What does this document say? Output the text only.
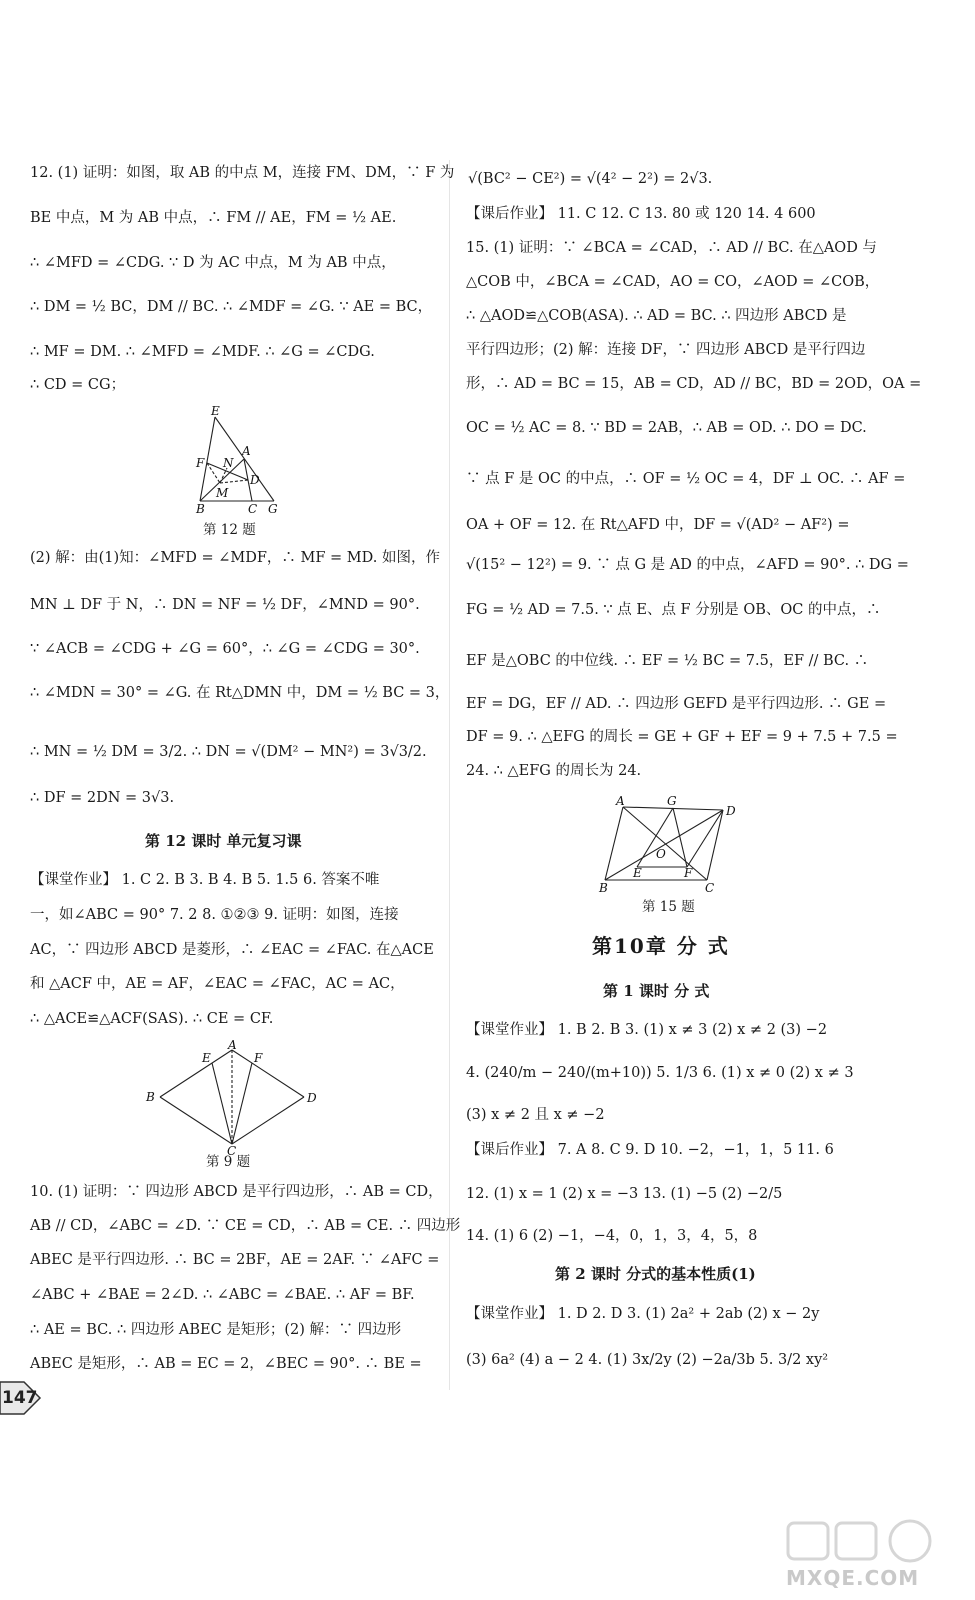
12. (1) 证明：如图，取 AB 的中点 M，连接 FM、DM，∵ F 为
BE 中点，M 为 AB 中点，∴ FM // AE，FM = ½ AE.
∴ ∠MFD = ∠CDG. ∵ D 为 AC 中点，M 为 AB 中点，
∴ DM = ½ BC，DM // BC. ∴ ∠MDF = ∠G. ∵ AE = BC，
∴ MF = DM. ∴ ∠MFD = ∠MDF. ∴ ∠G = ∠CDG.
∴ CD = CG；
E
F N
A
M
D
B	C G
第 12 题
(2) 解：由(1)知：∠MFD = ∠MDF，∴ MF = MD. 如图，作
MN ⊥ DF 于 N，∴ DN = NF = ½ DF，∠MND = 90°.
∵ ∠ACB = ∠CDG + ∠G = 60°，∴ ∠G = ∠CDG = 30°.
∴ ∠MDN = 30° = ∠G. 在 Rt△DMN 中，DM = ½ BC = 3，
∴ MN = ½ DM = 3/2. ∴ DN = √(DM² − MN²) = 3√3/2.
∴ DF = 2DN = 3√3.
第 12 课时 单元复习课
【课堂作业】 1. C 2. B 3. B 4. B 5. 1.5 6. 答案不唯
一，如∠ABC = 90° 7. 2 8. ①②③ 9. 证明：如图，连接
AC，∵ 四边形 ABCD 是菱形，∴ ∠EAC = ∠FAC. 在△ACE
和 △ACF 中，AE = AF，∠EAC = ∠FAC，AC = AC，
∴ △ACE≌△ACF(SAS). ∴ CE = CF.
E
A
F
B	D
C
第 9 题
10. (1) 证明：∵ 四边形 ABCD 是平行四边形，∴ AB = CD，
AB // CD，∠ABC = ∠D. ∵ CE = CD，∴ AB = CE. ∴ 四边形
ABEC 是平行四边形. ∴ BC = 2BF，AE = 2AF. ∵ ∠AFC =
∠ABC + ∠BAE = 2∠D. ∴ ∠ABC = ∠BAE. ∴ AF = BF.
∴ AE = BC. ∴ 四边形 ABEC 是矩形；(2) 解：∵ 四边形
ABEC 是矩形，∴ AB = EC = 2，∠BEC = 90°. ∴ BE =
√(BC² − CE²) = √(4² − 2²) = 2√3.
【课后作业】 11. C 12. C 13. 80 或 120 14. 4 600
15. (1) 证明：∵ ∠BCA = ∠CAD，∴ AD // BC. 在△AOD 与
△COB 中，∠BCA = ∠CAD，AO = CO，∠AOD = ∠COB，
∴ △AOD≌△COB(ASA). ∴ AD = BC. ∴ 四边形 ABCD 是
平行四边形；(2) 解：连接 DF，∵ 四边形 ABCD 是平行四边
形，∴ AD = BC = 15，AB = CD，AD // BC，BD = 2OD，OA =
OC = ½ AC = 8. ∵ BD = 2AB，∴ AB = OD. ∴ DO = DC.
∵ 点 F 是 OC 的中点，∴ OF = ½ OC = 4，DF ⊥ OC. ∴ AF =
OA + OF = 12. 在 Rt△AFD 中，DF = √(AD² − AF²) =
√(15² − 12²) = 9. ∵ 点 G 是 AD 的中点，∠AFD = 90°. ∴ DG =
FG = ½ AD = 7.5. ∵ 点 E、点 F 分别是 OB、OC 的中点，∴
EF 是△OBC 的中位线. ∴ EF = ½ BC = 7.5，EF // BC. ∴
EF = DG，EF // AD. ∴ 四边形 GEFD 是平行四边形. ∴ GE =
DF = 9. ∴ △EFG 的周长 = GE + GF + EF = 9 + 7.5 + 7.5 =
24. ∴ △EFG 的周长为 24.
A	G
D
O
E	F
B	C
第 15 题
第10章 分 式
第 1 课时 分 式
【课堂作业】 1. B 2. B 3. (1) x ≠ 3 (2) x ≠ 2 (3) −2
4. (240/m − 240/(m+10)) 5. 1/3 6. (1) x ≠ 0 (2) x ≠ 3
(3) x ≠ 2 且 x ≠ −2
【课后作业】 7. A 8. C 9. D 10. −2，−1，1，5 11. 6
12. (1) x = 1 (2) x = −3 13. (1) −5 (2) −2/5
14. (1) 6 (2) −1，−4，0，1，3，4，5，8
第 2 课时 分式的基本性质(1)
【课堂作业】 1. D 2. D 3. (1) 2a² + 2ab (2) x − 2y
(3) 6a² (4) a − 2 4. (1) 3x/2y (2) −2a/3b 5. 3/2 xy²
147
MXQE.COM
